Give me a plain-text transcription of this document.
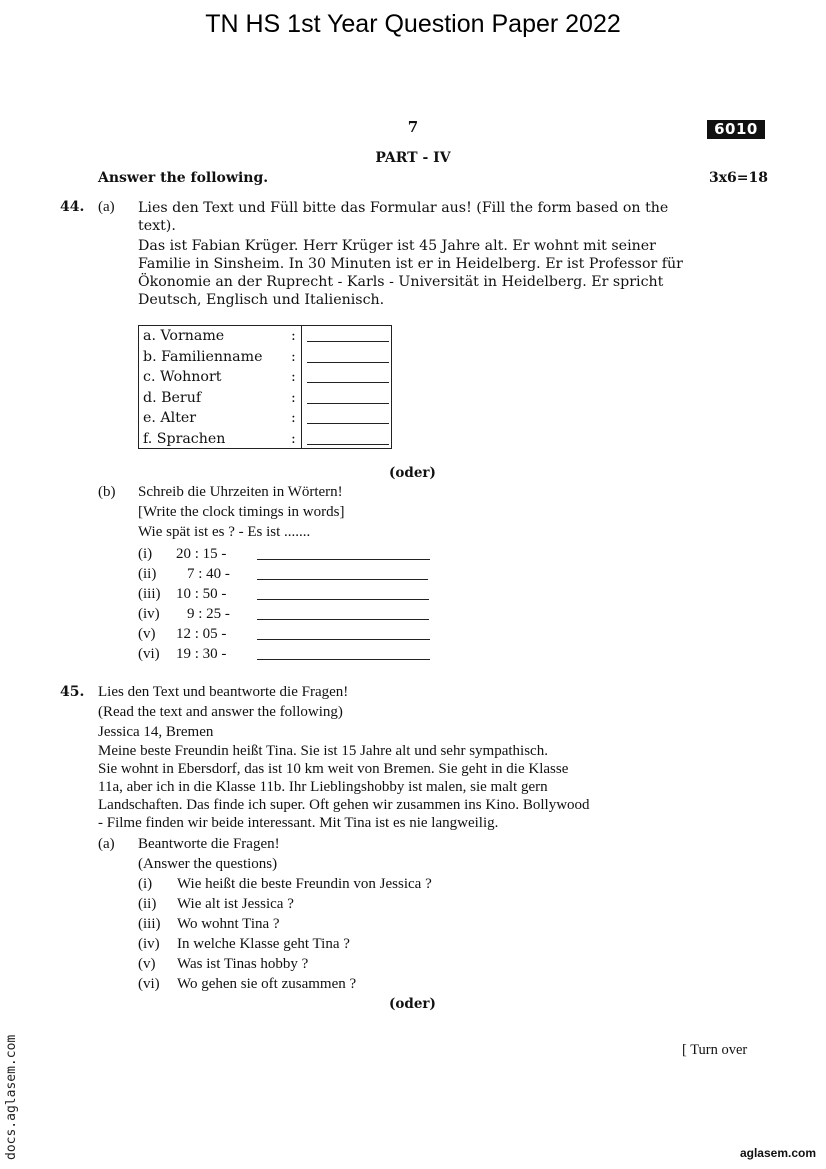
TN HS 1st Year Question Paper 2022
7	6010
PART - IV
Answer the following.	3x6=18
44. (a) Lies den Text und Füll bitte das Formular aus! (Fill the form based on the
text).
Das ist Fabian Krüger. Herr Krüger ist 45 Jahre alt. Er wohnt mit seiner
Familie in Sinsheim. In 30 Minuten ist er in Heidelberg. Er ist Professor für
Ökonomie an der Ruprecht - Karls - Universität in Heidelberg. Er spricht
Deutsch, Englisch und Italienisch.
a. Vorname	:
b. Familienname :
c. Wohnort	:
d. Beruf	:
e. Alter	:
f. Sprachen	:
(oder)
(b) Schreib die Uhrzeiten in Wörtern!
[Write the clock timings in words]
Wie spät ist es ? - Es ist .......
(i) 20 : 15 -
(ii) 7 : 40 -
(iii) 10 : 50 -
(iv) 9 : 25 -
(v) 12 : 05 -
(vi) 19 : 30 -
45. Lies den Text und beantworte die Fragen!
(Read the text and answer the following)
Jessica 14, Bremen
Meine beste Freundin heißt Tina. Sie ist 15 Jahre alt und sehr sympathisch.
Sie wohnt in Ebersdorf, das ist 10 km weit von Bremen. Sie geht in die Klasse
11a, aber ich in die Klasse 11b. Ihr Lieblingshobby ist malen, sie malt gern
Landschaften. Das finde ich super. Oft gehen wir zusammen ins Kino. Bollywood
- Filme finden wir beide interessant. Mit Tina ist es nie langweilig.
(a) Beantworte die Fragen!
(Answer the questions)
(i) Wie heißt die beste Freundin von Jessica ?
(ii) Wie alt ist Jessica ?
(iii) Wo wohnt Tina ?
(iv) In welche Klasse geht Tina ?
(v) Was ist Tinas hobby ?
(vi) Wo gehen sie oft zusammen ?
(oder)
[ Turn over
docs.aglasem.com	aglasem.com
